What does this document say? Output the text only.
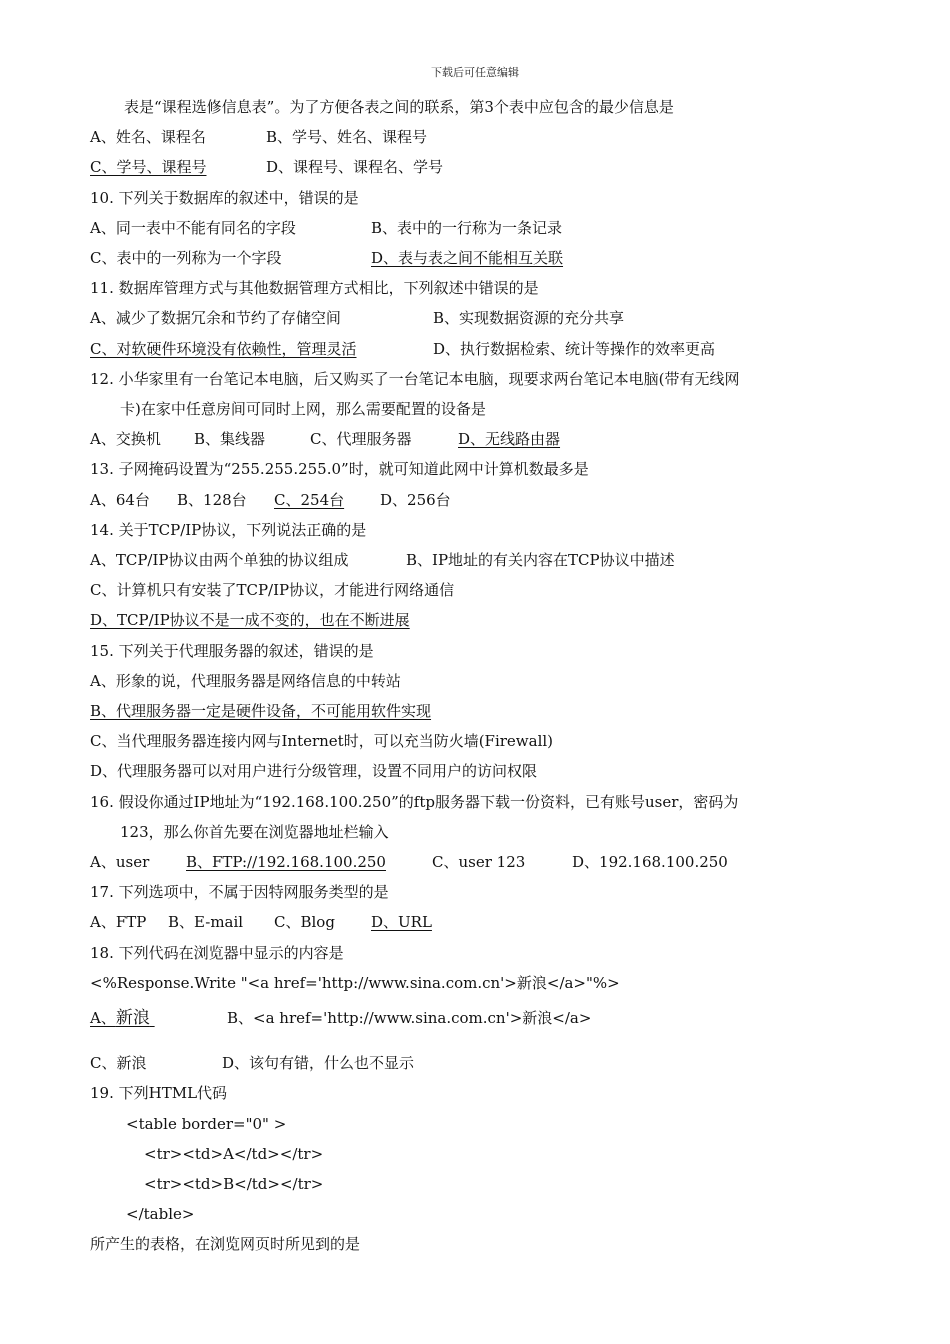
下载后可任意编辑
表是“课程选修信息表”。为了方便各表之间的联系，第3个表中应包含的最少信息是
A、姓名、课程名	B、学号、姓名、课程号
C、学号、课程号	D、课程号、课程名、学号
10. 下列关于数据库的叙述中，错误的是
A、同一表中不能有同名的字段	B、表中的一行称为一条记录
C、表中的一列称为一个字段	D、表与表之间不能相互关联
11. 数据库管理方式与其他数据管理方式相比，下列叙述中错误的是
A、减少了数据冗余和节约了存储空间	B、实现数据资源的充分共享
C、对软硬件环境没有依赖性，管理灵活	D、执行数据检索、统计等操作的效率更高
12. 小华家里有一台笔记本电脑，后又购买了一台笔记本电脑，现要求两台笔记本电脑(带有无线网
卡)在家中任意房间可同时上网，那么需要配置的设备是
A、交换机 B、集线器	C、代理服务器	D、无线路由器
13. 子网掩码设置为“255.255.255.0”时，就可知道此网中计算机数最多是
A、64台 B、128台 C、254台 D、256台
14. 关于TCP/IP协议，下列说法正确的是
A、TCP/IP协议由两个单独的协议组成	B、IP地址的有关内容在TCP协议中描述
C、计算机只有安装了TCP/IP协议，才能进行网络通信
D、TCP/IP协议不是一成不变的，也在不断进展
15. 下列关于代理服务器的叙述，错误的是
A、形象的说，代理服务器是网络信息的中转站
B、代理服务器一定是硬件设备，不可能用软件实现
C、当代理服务器连接内网与Internet时，可以充当防火墙(Firewall)
D、代理服务器可以对用户进行分级管理，设置不同用户的访问权限
16. 假设你通过IP地址为“192.168.100.250”的ftp服务器下载一份资料，已有账号user，密码为
123，那么你首先要在浏览器地址栏输入
A、user B、FTP://192.168.100.250	C、user 123	D、192.168.100.250
17. 下列选项中，不属于因特网服务类型的是
A、FTP B、E-mail C、Blog D、URL
18. 下列代码在浏览器中显示的内容是
<%Response.Write "<a href='http://www.sina.com.cn'>新浪</a>"%>
A、新浪	B、<a href='http://www.sina.com.cn'>新浪</a>
C、新浪	D、该句有错，什么也不显示
19. 下列HTML代码
<table border="0" >
<tr><td>A</td></tr>
<tr><td>B</td></tr>
</table>
所产生的表格，在浏览网页时所见到的是
